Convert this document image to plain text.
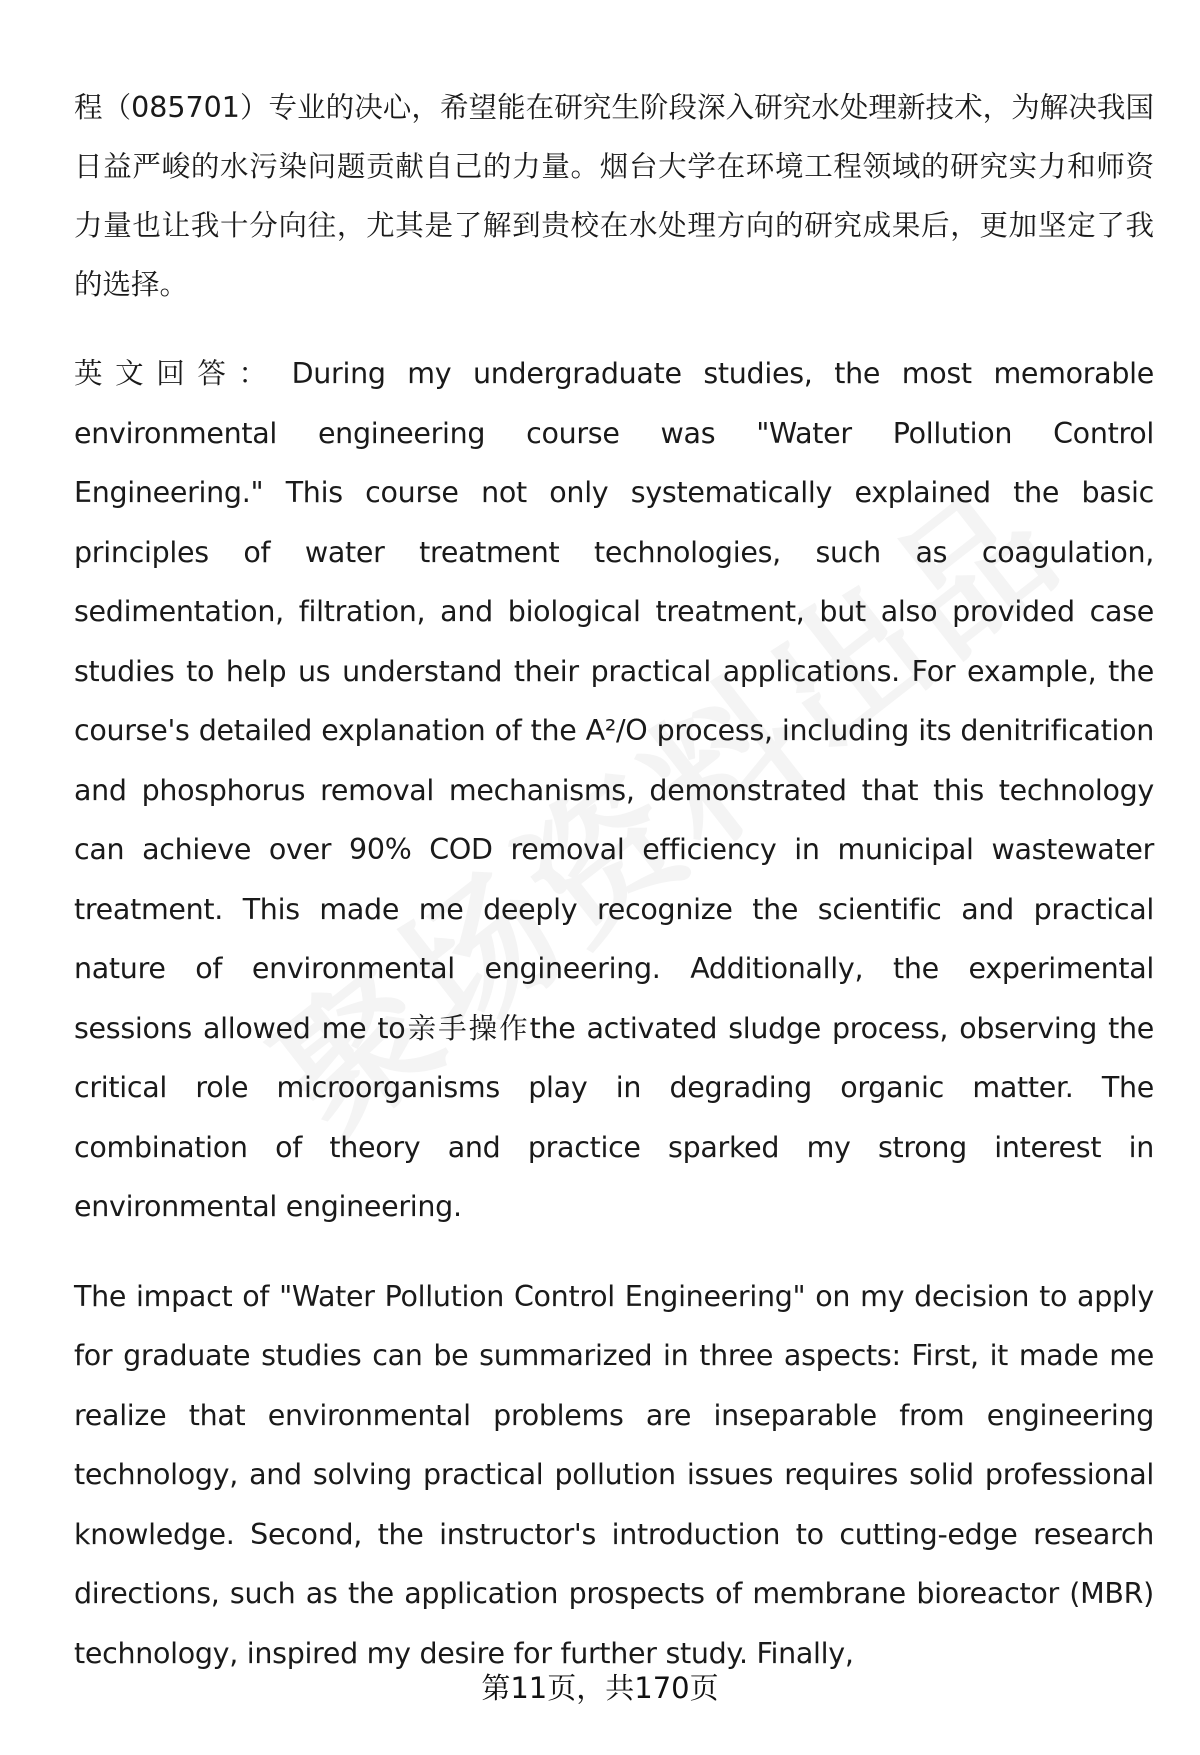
程（085701）专业的决心，希望能在研究生阶段深入研究水处理新技术，为解决我国日益严峻的水污染问题贡献自己的力量。烟台大学在环境工程领域的研究实力和师资力量也让我十分向往，尤其是了解到贵校在水处理方向的研究成果后，更加坚定了我的选择。

英文回答： During my undergraduate studies, the most memorable environmental engineering course was "Water Pollution Control Engineering." This course not only systematically explained the basic principles of water treatment technologies, such as coagulation, sedimentation, filtration, and biological treatment, but also provided case studies to help us understand their practical applications. For example, the course's detailed explanation of the A²/O process, including its denitrification and phosphorus removal mechanisms, demonstrated that this technology can achieve over 90% COD removal efficiency in municipal wastewater treatment. This made me deeply recognize the scientific and practical nature of environmental engineering. Additionally, the experimental sessions allowed me to亲手操作the activated sludge process, observing the critical role microorganisms play in degrading organic matter. The combination of theory and practice sparked my strong interest in environmental engineering.

The impact of "Water Pollution Control Engineering" on my decision to apply for graduate studies can be summarized in three aspects: First, it made me realize that environmental problems are inseparable from engineering technology, and solving practical pollution issues requires solid professional knowledge. Second, the instructor's introduction to cutting-edge research directions, such as the application prospects of membrane bioreactor (MBR) technology, inspired my desire for further study. Finally,

第11页，共170页
